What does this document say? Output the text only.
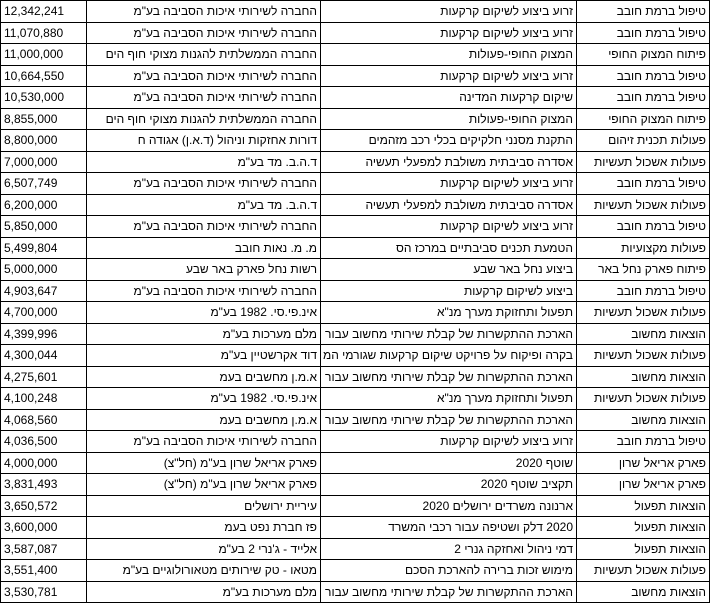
12,342,241	החברה לשירותי איכות הסביבה בע"מ	זרוע ביצוע לשיקום קרקעות	טיפול ברמת חובב
11,070,880	החברה לשירותי איכות הסביבה בע"מ	זרוע ביצוע לשיקום קרקעות	טיפול ברמת חובב
11,000,000	החברה הממשלתית להגנות מצוקי חוף הים	המצוק החופי-פעולות	פיתוח המצוק החופי
10,664,550	החברה לשירותי איכות הסביבה בע"מ	זרוע ביצוע לשיקום קרקעות	טיפול ברמת חובב
10,530,000	החברה לשירותי איכות הסביבה בע"מ	שיקום קרקעות המדינה	טיפול ברמת חובב
8,855,000	החברה הממשלתית להגנות מצוקי חוף הים	המצוק החופי-פעולות	פיתוח המצוק החופי
8,800,000	דורות אחזקות וניהול (ד.א.ן) אגודה ח	התקנת מסנני חלקיקים בכלי רכב מזהמים	פעולות תכנית זיהום
7,000,000	ד.ה.ב. מד בע"מ	אסדרה סביבתית משולבת למפעלי תעשיה	פעולות אשכול תעשיות
6,507,749	החברה לשירותי איכות הסביבה בע"מ	זרוע ביצוע לשיקום קרקעות	טיפול ברמת חובב
6,200,000	ד.ה.ב. מד בע"מ	אסדרה סביבתית משולבת למפעלי תעשיה	פעולות אשכול תעשיות
5,850,000	החברה לשירותי איכות הסביבה בע"מ	זרוע ביצוע לשיקום קרקעות	טיפול ברמת חובב
5,499,804	מ. מ. נאות חובב	הטמעת תכנים סביבתיים במרכז הס	פעולות מקצועיות
5,000,000	רשות נחל פארק באר שבע	ביצוע נחל באר שבע	פיתוח פארק נחל באר
4,903,647	החברה לשירותי איכות הסביבה בע"מ	ביצוע לשיקום קרקעות	טיפול ברמת חובב
4,700,000	אינ.פי.סי. 1982 בע"מ	תפעול ותחזוקת מערך מנ"א	פעולות אשכול תעשיות
4,399,996	מלם מערכות בע"מ	הארכת ההתקשרות של קבלת שירותי מחשוב עבור	הוצאות מחשוב
4,300,044	דוד אקרשטיין בע"מ	בקרה ופיקוח על פרויקט שיקום קרקעות שגורמי המ	פעולות אשכול תעשיות
4,275,601	א.מ.ן מחשבים בעמ	הארכת ההתקשרות של קבלת שירותי מחשוב עבור	הוצאות מחשוב
4,100,248	אינ.פי.סי. 1982 בע"מ	תפעול ותחזוקת מערך מנ"א	פעולות אשכול תעשיות
4,068,560	א.מ.ן מחשבים בעמ	הארכת ההתקשרות של קבלת שירותי מחשוב עבור	הוצאות מחשוב
4,036,500	החברה לשירותי איכות הסביבה בע"מ	זרוע ביצוע לשיקום קרקעות	טיפול ברמת חובב
4,000,000	פארק אריאל שרון בע"מ (חל"צ)	שוטף 2020	פארק אריאל שרון
3,831,493	פארק אריאל שרון בע"מ (חל"צ)	תקציב שוטף 2020	פארק אריאל שרון
3,650,572	עיריית ירושלים	ארנונה משרדים ירושלים 2020	הוצאות תפעול
3,600,000	פז חברת נפט בעמ	2020 דלק ושטיפה עבור רכבי המשרד	הוצאות תפעול
3,587,087	אלייד - ג'נרי 2 בע"מ	דמי ניהול ואחזקה גנרי 2	הוצאות תפעול
3,551,400	מטאו - טק שירותים מטאורולוגיים בע"מ	מימוש זכות ברירה להארכת הסכם	פעולות אשכול תעשיות
3,530,781	מלם מערכות בע"מ	הארכת ההתקשרות של קבלת שירותי מחשוב עבור	הוצאות מחשוב
